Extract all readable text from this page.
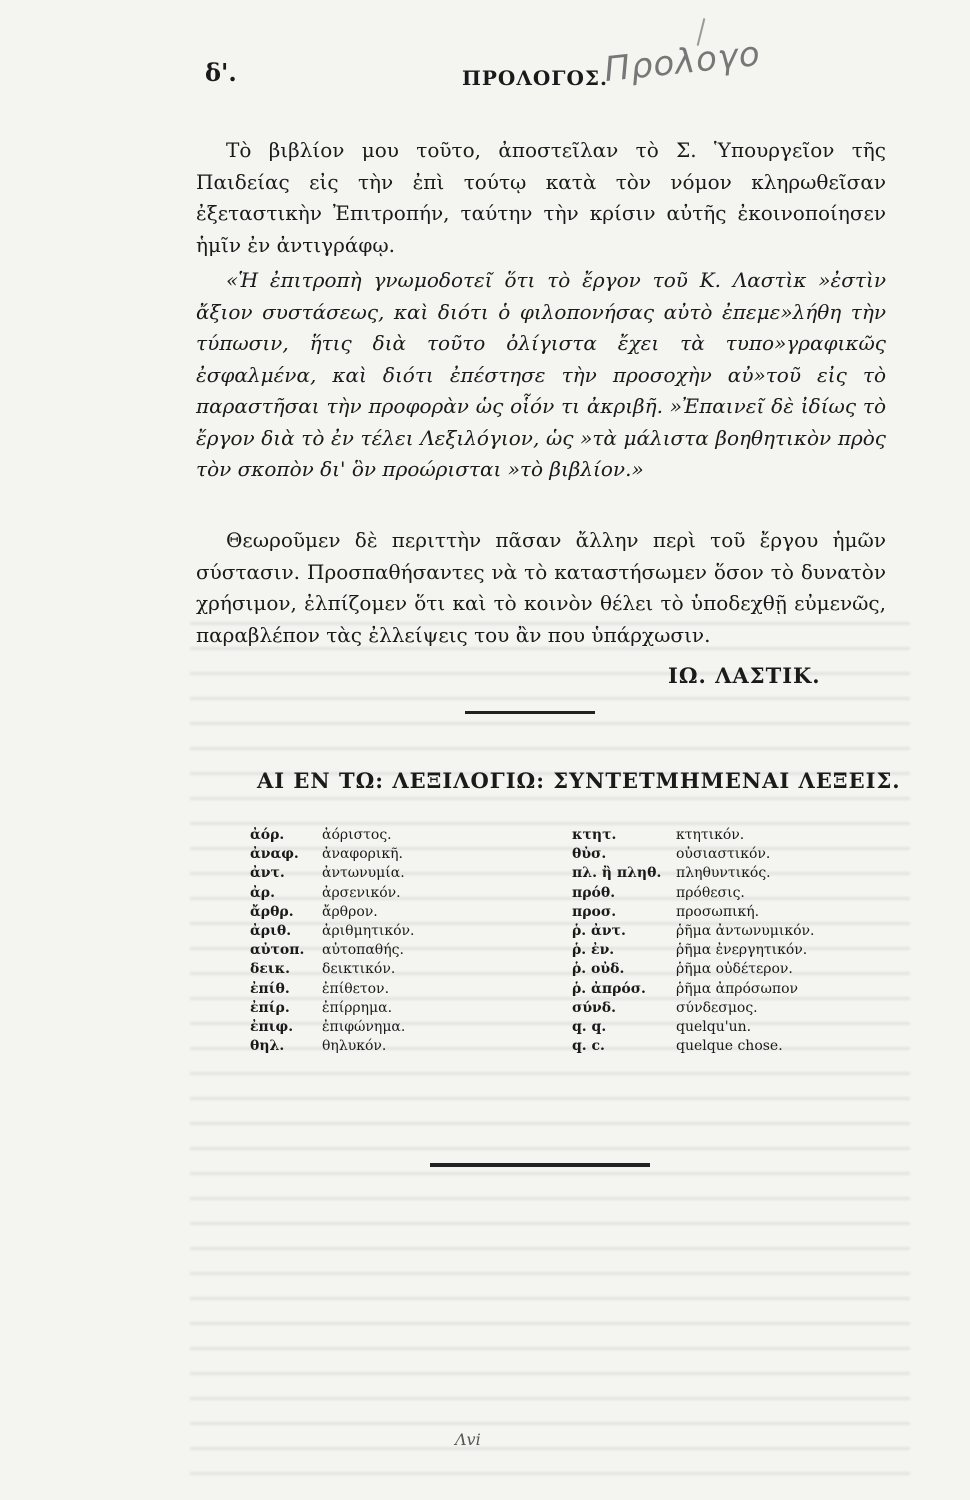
δ'.	ΠΡΟΛΟΓΟΣ.
Προλογο

Τὸ βιβλίον μου τοῦτο, ἀποστεῖλαν τὸ Σ. Ὑπουργεῖον τῆς Παιδείας εἰς τὴν ἐπὶ τούτῳ κατὰ τὸν νόμον κληρωθεῖσαν ἐξεταστικὴν Ἐπιτροπήν, ταύτην τὴν κρίσιν αὐτῆς ἐκοινοποίησεν ἡμῖν ἐν ἀντιγράφῳ.

«Ἡ ἐπιτροπὴ γνωμοδοτεῖ ὅτι τὸ ἔργον τοῦ Κ. Λαστὶκ »ἐστὶν ἄξιον συστάσεως, καὶ διότι ὁ φιλοπονήσας αὐτὸ ἐπεμε»λήθη τὴν τύπωσιν, ἥτις διὰ τοῦτο ὀλίγιστα ἔχει τὰ τυπο»γραφικῶς ἐσφαλμένα, καὶ διότι ἐπέστησε τὴν προσοχὴν αὐ»τοῦ εἰς τὸ παραστῆσαι τὴν προφορὰν ὡς οἷόν τι ἀκριβῆ. »Ἐπαινεῖ δὲ ἰδίως τὸ ἔργον διὰ τὸ ἐν τέλει Λεξιλόγιον, ὡς »τὰ μάλιστα βοηθητικὸν πρὸς τὸν σκοπὸν δι' ὃν προώρισται »τὸ βιβλίον.»

Θεωροῦμεν δὲ περιττὴν πᾶσαν ἄλλην περὶ τοῦ ἔργου ἡμῶν σύστασιν. Προσπαθήσαντες νὰ τὸ καταστήσωμεν ὅσον τὸ δυνατὸν χρήσιμον, ἐλπίζομεν ὅτι καὶ τὸ κοινὸν θέλει τὸ ὑποδεχθῇ εὐμενῶς, παραβλέπον τὰς ἐλλείψεις του ἂν που ὑπάρχωσιν.

ΙΩ. ΛΑΣΤΙΚ.
ΑΙ ΕΝ ΤΩ: ΛΕΞΙΛΟΓΙΩ: ΣΥΝΤΕΤΜΗΜΕΝΑΙ ΛΕΞΕΙΣ.
ἀόρ.	ἀόριστος.
ἀναφ. ἀναφορικῆ.
ἀντ.	ἀντωνυμία.
ἀρ.	ἀρσενικόν.
ἄρθρ. ἄρθρον.
ἀριθ. ἀριθμητικόν.
αὐτοπ. αὐτοπαθής.
δεικ. δεικτικόν.
ἐπίθ. ἐπίθετον.
ἐπίρ. ἐπίρρημα.
ἐπιφ. ἐπιφώνημα.
θηλ.	θηλυκόν.
κτητ.	κτητικόν.
θὐσ.	οὐσιαστικόν.
πλ. ἢ πληθ. πληθυντικός.
πρόθ.	πρόθεσις.
προσ.	προσωπική.
ῥ. ἀντ.	ῥῆμα ἀντωνυμικόν.
ῥ. ἐν.	ῥῆμα ἐνεργητικόν.
ῥ. οὐδ.	ῥῆμα οὐδέτερον.
ῥ. ἀπρόσ. ῥῆμα ἀπρόσωπον
σύνδ.	σύνδεσμος.
q. q.	quelqu'un.
q. c.	quelque chose.
Λvi
